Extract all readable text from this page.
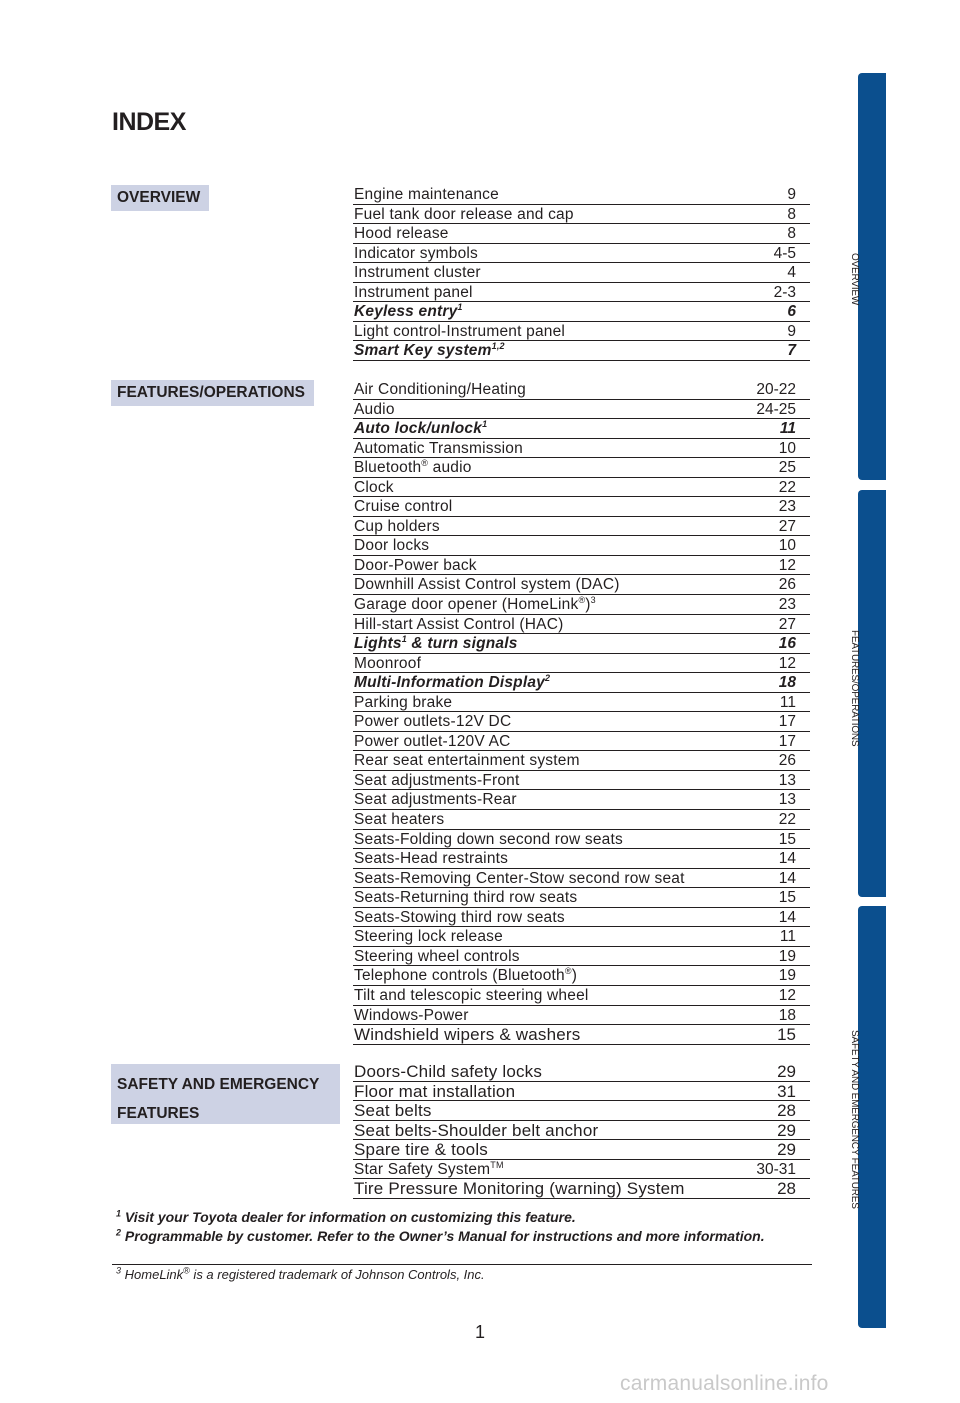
INDEX
OVERVIEW
FEATURES/OPERATIONS
SAFETY AND EMERGENCY
FEATURES
Engine maintenance	9
Fuel tank door release and cap	8
Hood release	8
Indicator symbols	4-5
Instrument cluster	4
Instrument panel	2-3
Keyless entry$^1$	6
Light control-Instrument panel	9
Smart Key system$^{1,2}$	7
Air Conditioning/Heating	20-22
Audio	24-25
Auto lock/unlock$^1$	11
Automatic Transmission	10
Bluetooth® audio	25
Clock	22
Cruise control	23
Cup holders	27
Door locks	10
Door-Power back	12
Downhill Assist Control system (DAC)	26
Garage door opener (HomeLink®)$^3$	23
Hill-start Assist Control (HAC)	27
Lights$^1$ & turn signals	16
Moonroof	12
Multi-Information Display$^2$	18
Parking brake	11
Power outlets-12V DC	17
Power outlet-120V AC	17
Rear seat entertainment system	26
Seat adjustments-Front	13
Seat adjustments-Rear	13
Seat heaters	22
Seats-Folding down second row seats	15
Seats-Head restraints	14
Seats-Removing Center-Stow second row seat	14
Seats-Returning third row seats	15
Seats-Stowing third row seats	14
Steering lock release	11
Steering wheel controls	19
Telephone controls (Bluetooth®)	19
Tilt and telescopic steering wheel	12
Windows-Power	18
Windshield wipers & washers	15
Doors-Child safety locks	29
Floor mat installation	31
Seat belts	28
Seat belts-Shoulder belt anchor	29
Spare tire & tools	29
Star Safety System™	30-31
Tire Pressure Monitoring (warning) System	28
$^1$ Visit your Toyota dealer for information on customizing this feature.
$^2$ Programmable by customer. Refer to the Owner’s Manual for instructions and more information.
$^3$ HomeLink® is a registered trademark of Johnson Controls, Inc.
1
OVERVIEW
FEATURES/OPERATIONS
SAFETY AND EMERGENCY FEATURES
carmanualsonline.info
